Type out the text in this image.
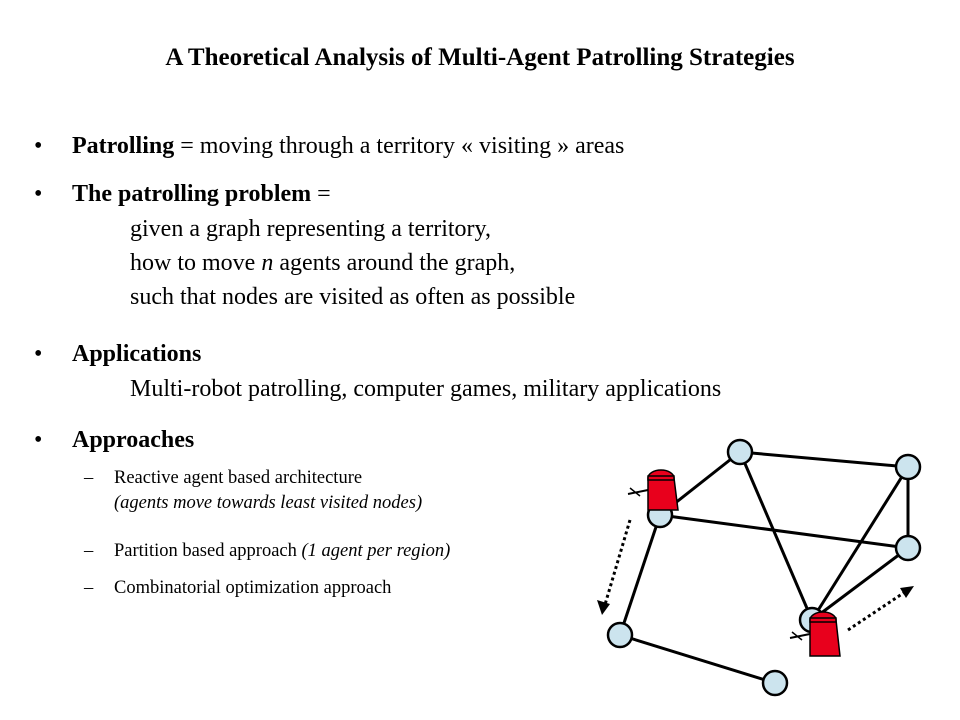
A Theoretical Analysis of Multi-Agent Patrolling Strategies
• Patrolling = moving through a territory « visiting » areas
• The patrolling problem =
given a graph representing a territory,
how to move n agents around the graph,
such that nodes are visited as often as possible
• Applications
Multi-robot patrolling, computer games, military applications
• Approaches
– Reactive agent based architecture
(agents move towards least visited nodes)
– Partition based approach (1 agent per region)
– Combinatorial optimization approach
